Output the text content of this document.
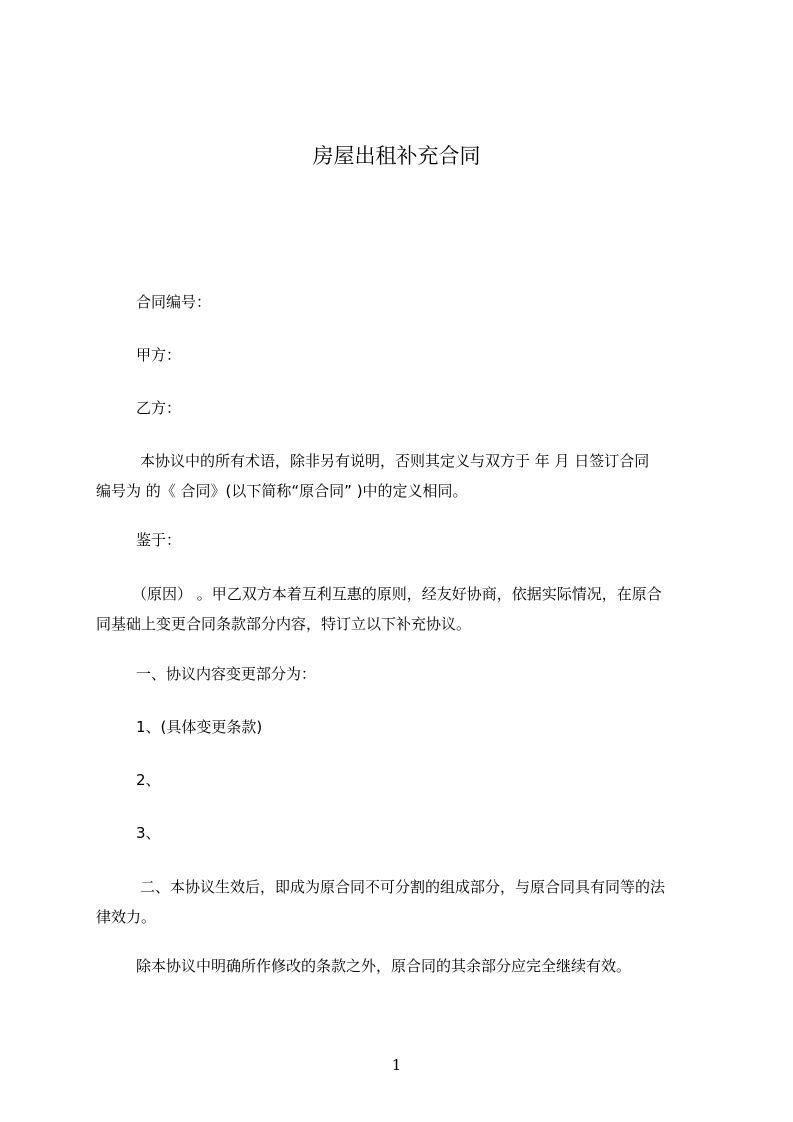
房屋出租补充合同

合同编号：

甲方：

乙方：

本协议中的所有术语，除非另有说明，否则其定义与双方于 年 月 日签订合同
编号为 的《 合同》(以下简称“原合同” )中的定义相同。

鉴于：

（原因） 。甲乙双方本着互利互惠的原则，经友好协商，依据实际情况，在原合
同基础上变更合同条款部分内容，特订立以下补充协议。

一、协议内容变更部分为：

1、(具体变更条款)

2、

3、

二、本协议生效后，即成为原合同不可分割的组成部分，与原合同具有同等的法
律效力。

除本协议中明确所作修改的条款之外，原合同的其余部分应完全继续有效。

1
